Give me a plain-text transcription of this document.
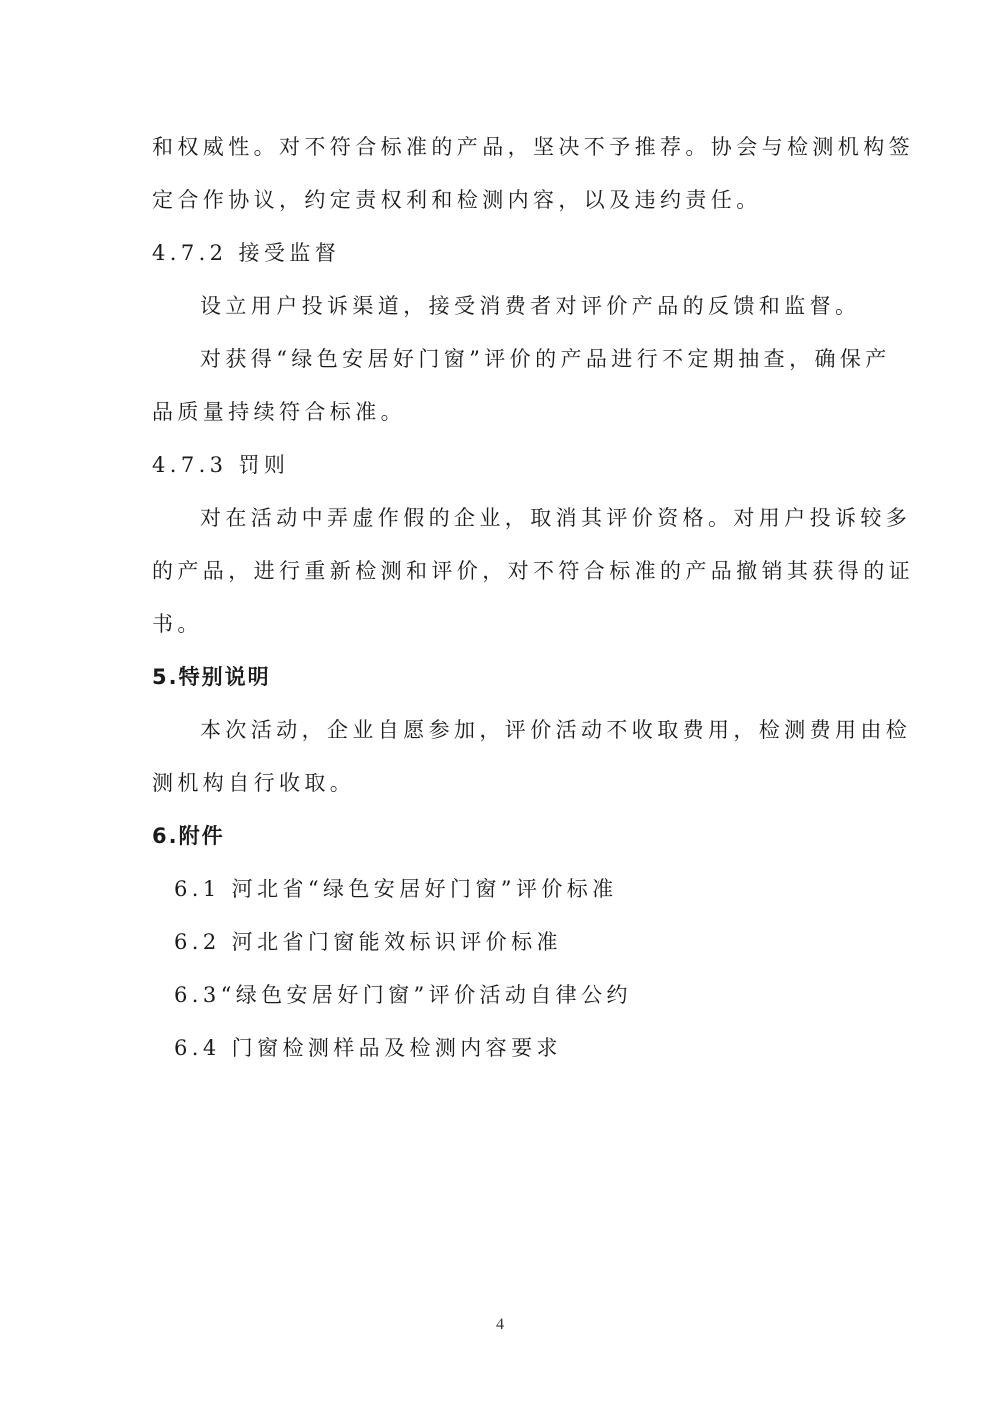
和权威性。对不符合标准的产品，坚决不予推荐。协会与检测机构签
定合作协议，约定责权利和检测内容，以及违约责任。
4.7.2 接受监督
设立用户投诉渠道，接受消费者对评价产品的反馈和监督。
对获得“绿色安居好门窗”评价的产品进行不定期抽查，确保产
品质量持续符合标准。
4.7.3 罚则
对在活动中弄虚作假的企业，取消其评价资格。对用户投诉较多
的产品，进行重新检测和评价，对不符合标准的产品撤销其获得的证
书。
5.特别说明
本次活动，企业自愿参加，评价活动不收取费用，检测费用由检
测机构自行收取。
6.附件
6.1 河北省“绿色安居好门窗”评价标准
6.2 河北省门窗能效标识评价标准
6.3“绿色安居好门窗”评价活动自律公约
6.4 门窗检测样品及检测内容要求
4
